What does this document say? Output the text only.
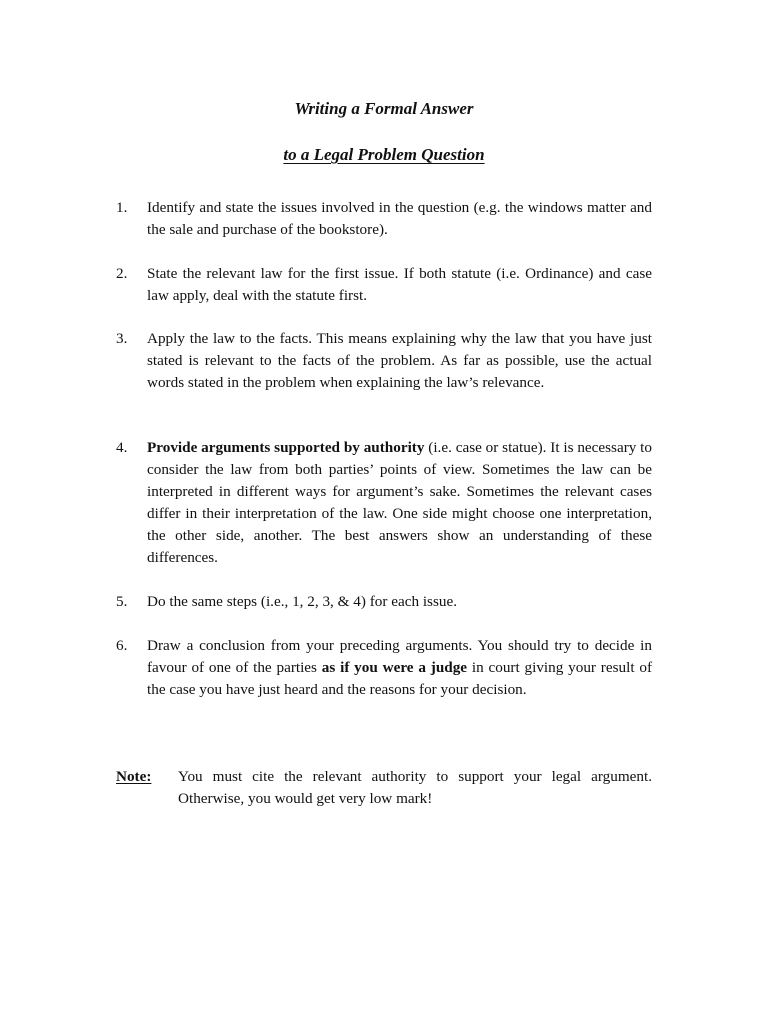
Writing a Formal Answer
to a Legal Problem Question
1.	Identify and state the issues involved in the question (e.g. the windows matter and the sale and purchase of the bookstore).
2.	State the relevant law for the first issue. If both statute (i.e. Ordinance) and case law apply, deal with the statute first.
3.	Apply the law to the facts. This means explaining why the law that you have just stated is relevant to the facts of the problem. As far as possible, use the actual words stated in the problem when explaining the law’s relevance.
4.	Provide arguments supported by authority (i.e. case or statue). It is necessary to consider the law from both parties’ points of view. Sometimes the law can be interpreted in different ways for argument’s sake. Sometimes the relevant cases differ in their interpretation of the law. One side might choose one interpretation, the other side, another. The best answers show an understanding of these differences.
5.	Do the same steps (i.e., 1, 2, 3, & 4) for each issue.
6.	Draw a conclusion from your preceding arguments. You should try to decide in favour of one of the parties as if you were a judge in court giving your result of the case you have just heard and the reasons for your decision.
Note: You must cite the relevant authority to support your legal argument. Otherwise, you would get very low mark!
